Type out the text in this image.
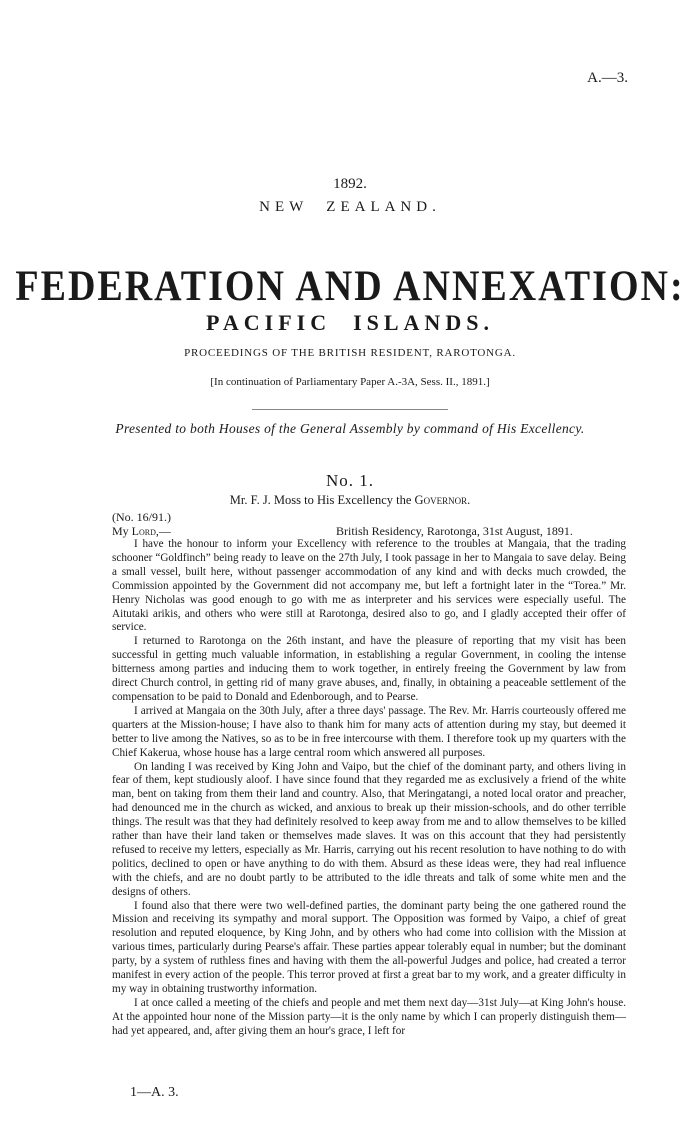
A.—3.
1892.
NEW ZEALAND.
FEDERATION AND ANNEXATION:
PACIFIC ISLANDS.
PROCEEDINGS OF THE BRITISH RESIDENT, RAROTONGA.
[In continuation of Parliamentary Paper A.-3A, Sess. II., 1891.]
Presented to both Houses of the General Assembly by command of His Excellency.
No. 1.
Mr. F. J. Moss to His Excellency the Governor.
(No. 16/91.)
My Lord,—	British Residency, Rarotonga, 31st August, 1891.

I have the honour to inform your Excellency with reference to the troubles at Mangaia, that the trading schooner “Goldfinch” being ready to leave on the 27th July, I took passage in her to Mangaia to save delay. Being a small vessel, built here, without passenger accommodation of any kind and with decks much crowded, the Commission appointed by the Government did not accompany me, but left a fortnight later in the “Torea.” Mr. Henry Nicholas was good enough to go with me as interpreter and his services were especially useful. The Aitutaki arikis, and others who were still at Rarotonga, desired also to go, and I gladly accepted their offer of service.

I returned to Rarotonga on the 26th instant, and have the pleasure of reporting that my visit has been successful in getting much valuable information, in establishing a regular Government, in cooling the intense bitterness among parties and inducing them to work together, in entirely freeing the Government by law from direct Church control, in getting rid of many grave abuses, and, finally, in obtaining a peaceable settlement of the compensation to be paid to Donald and Edenborough, and to Pearse.

I arrived at Mangaia on the 30th July, after a three days' passage. The Rev. Mr. Harris courteously offered me quarters at the Mission-house; I have also to thank him for many acts of attention during my stay, but deemed it better to live among the Natives, so as to be in free intercourse with them. I therefore took up my quarters with the Chief Kakerua, whose house has a large central room which answered all purposes.

On landing I was received by King John and Vaipo, but the chief of the dominant party, and others living in fear of them, kept studiously aloof. I have since found that they regarded me as exclusively a friend of the white man, bent on taking from them their land and country. Also, that Meringatangi, a noted local orator and preacher, had denounced me in the church as wicked, and anxious to break up their mission-schools, and do other terrible things. The result was that they had definitely resolved to keep away from me and to allow themselves to be killed rather than have their land taken or themselves made slaves. It was on this account that they had persistently refused to receive my letters, especially as Mr. Harris, carrying out his recent resolution to have nothing to do with politics, declined to open or have anything to do with them. Absurd as these ideas were, they had real influence with the chiefs, and are no doubt partly to be attributed to the idle threats and talk of some white men and the designs of others.

I found also that there were two well-defined parties, the dominant party being the one gathered round the Mission and receiving its sympathy and moral support. The Opposition was formed by Vaipo, a chief of great resolution and reputed eloquence, by King John, and by others who had come into collision with the Mission at various times, particularly during Pearse's affair. These parties appear tolerably equal in number; but the dominant party, by a system of ruthless fines and having with them the all-powerful Judges and police, had created a terror manifest in every action of the people. This terror proved at first a great bar to my work, and a greater difficulty in my way in obtaining trustworthy information.

I at once called a meeting of the chiefs and people and met them next day—31st July—at King John's house. At the appointed hour none of the Mission party—it is the only name by which I can properly distinguish them—had yet appeared, and, after giving them an hour's grace, I left for

1—A. 3.
